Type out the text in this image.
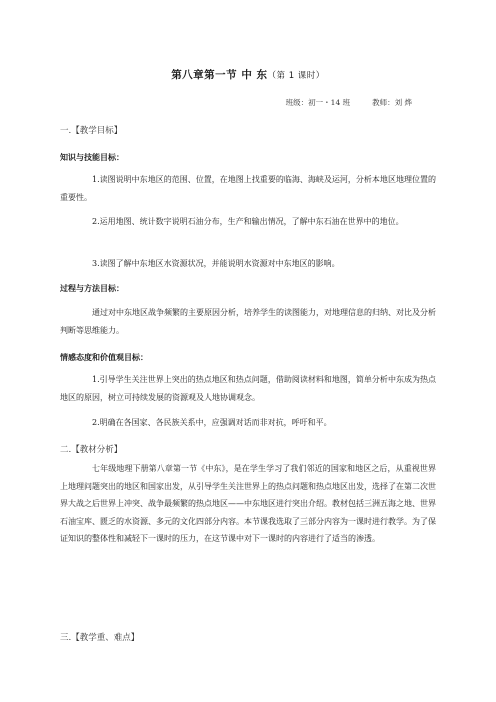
第八章第一节 中 东（第 1 课时）
班级：初一・14 班	教师：刘 烨
一.【教学目标】
知识与技能目标：
1.读图说明中东地区的范围、位置，在地图上找重要的临海、海峡及运河，分析本地区地理位置的重要性。
2.运用地图、统计数字说明石油分布，生产和输出情况，了解中东石油在世界中的地位。
3.读图了解中东地区水资源状况，并能说明水资源对中东地区的影响。
过程与方法目标：
通过对中东地区战争频繁的主要原因分析，培养学生的读图能力，对地理信息的归纳、对比及分析判断等思维能力。
情感态度和价值观目标：
1.引导学生关注世界上突出的热点地区和热点问题，借助阅读材料和地图，简单分析中东成为热点地区的原因，树立可持续发展的资源观及人地协调观念。
2.明确在各国家、各民族关系中，应强调对话而非对抗，呼吁和平。
二.【教材分析】
七年级地理下册第八章第一节《中东》，是在学生学习了我们邻近的国家和地区之后，从重视世界上地理问题突出的地区和国家出发，从引导学生关注世界上的热点问题和热点地区出发，选择了在第二次世界大战之后世界上冲突、战争最频繁的热点地区——中东地区进行突出介绍。教材包括三洲五海之地、世界石油宝库、匮乏的水资源、多元的文化四部分内容。本节课我选取了三部分内容为一课时进行教学。为了保证知识的整体性和减轻下一课时的压力，在这节课中对下一课时的内容进行了适当的渗透。
三.【教学重、难点】
